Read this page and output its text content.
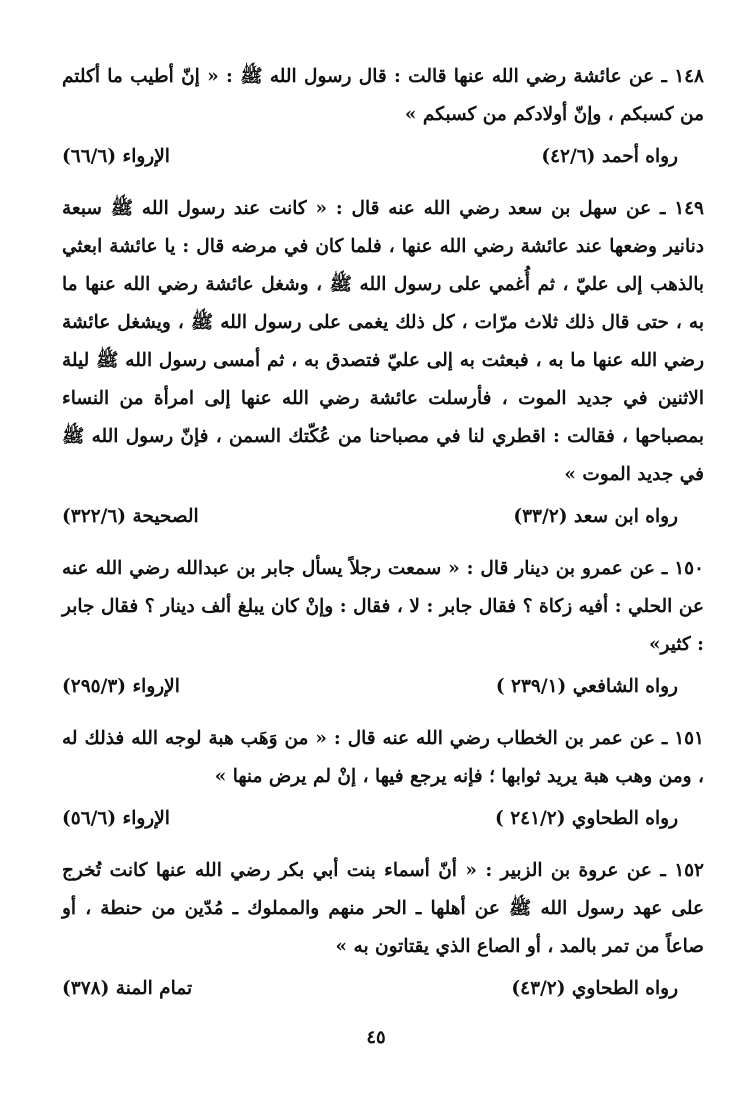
١٤٨ ـ عن عائشة رضي الله عنها قالت : قال رسول الله ﷺ : « إنّ أطيب ما أكلتم من كسبكم ، وإنّ أولادكم من كسبكم »

رواه أحمد (٤٢/٦)
الإرواء (٦٦/٦)

١٤٩ ـ عن سهل بن سعد رضي الله عنه قال : « كانت عند رسول الله ﷺ سبعة دنانير وضعها عند عائشة رضي الله عنها ، فلما كان في مرضه قال : يا عائشة ابعثي بالذهب إلى عليّ ، ثم أُغمي على رسول الله ﷺ ، وشغل عائشة رضي الله عنها ما به ، حتى قال ذلك ثلاث مرّات ، كل ذلك يغمى على رسول الله ﷺ ، ويشغل عائشة رضي الله عنها ما به ، فبعثت به إلى عليّ فتصدق به ، ثم أمسى رسول الله ﷺ ليلة الاثنين في جديد الموت ، فأرسلت عائشة رضي الله عنها إلى امرأة من النساء بمصباحها ، فقالت : اقطري لنا في مصباحنا من عُكّتك السمن ، فإنّ رسول الله ﷺ في جديد الموت »

رواه ابن سعد (٣٣/٢)
الصحيحة (٣٢٢/٦)

١٥٠ ـ عن عمرو بن دينار قال : « سمعت رجلاً يسأل جابر بن عبدالله رضي الله عنه عن الحلي : أفيه زكاة ؟ فقال جابر : لا ، فقال : وإنْ كان يبلغ ألف دينار ؟ فقال جابر : كثير»

رواه الشافعي (٢٣٩/١ )
الإرواء (٢٩٥/٣)

١٥١ ـ عن عمر بن الخطاب رضي الله عنه قال : « من وَهَب هبة لوجه الله فذلك له ، ومن وهب هبة يريد ثوابها ؛ فإنه يرجع فيها ، إنْ لم يرض منها »

رواه الطحاوي (٢٤١/٢ )
الإرواء (٥٦/٦)

١٥٢ ـ عن عروة بن الزبير : « أنّ أسماء بنت أبي بكر رضي الله عنها كانت تُخرج على عهد رسول الله ﷺ عن أهلها ـ الحر منهم والمملوك ـ مُدّين من حنطة ، أو صاعاً من تمر بالمد ، أو الصاع الذي يقتاتون به »

رواه الطحاوي (٤٣/٢)
تمام المنة (٣٧٨)
٤٥
